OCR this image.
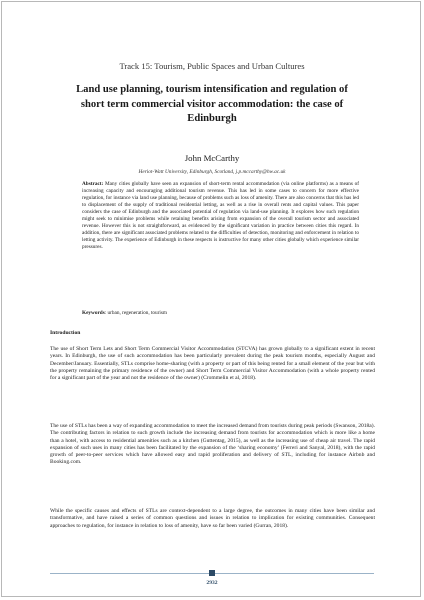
Track 15: Tourism, Public Spaces and Urban Cultures
Land use planning, tourism intensification and regulation of short term commercial visitor accommodation: the case of Edinburgh
John McCarthy
Heriot-Watt University, Edinburgh, Scotland, j.p.mccarthy@hw.ac.uk

Abstract: Many cities globally have seen an expansion of short-term rental accommodation (via online platforms) as a means of increasing capacity and encouraging additional tourism revenue. This has led in some cases to concern for more effective regulation, for instance via land use planning, because of problems such as loss of amenity. There are also concerns that this has led to displacement of the supply of traditional residential letting, as well as a rise in overall rents and capital values. This paper considers the case of Edinburgh and the associated potential of regulation via land-use planning. It explores how such regulation might seek to minimise problems while retaining benefits arising from expansion of the overall tourism sector and associated revenue. However this is not straightforward, as evidenced by the significant variation in practice between cities this regard. In addition, there are significant associated problems related to the difficulties of detection, monitoring and enforcement in relation to letting activity. The experience of Edinburgh in these respects is instructive for many other cities globally which experience similar pressures.

Keywords: urban, regeneration, tourism

Introduction

The use of Short Term Lets and Short Term Commercial Visitor Accommodation (STCVA) has grown globally to a significant extent in recent years. In Edinburgh, the use of such accommodation has been particularly prevalent during the peak tourism months, especially August and December/January. Essentially, STLs comprise home-sharing (with a property or part of this being rented for a small element of the year but with the property remaining the primary residence of the owner) and Short Term Commercial Visitor Accommodation (with a whole property rented for a significant part of the year and not the residence of the owner) (Crommelin et al, 2018).

The use of STLs has been a way of expanding accommodation to meet the increased demand from tourists during peak periods (Swanson, 2018a). The contributing factors in relation to such growth include the increasing demand from tourists for accommodation which is more like a home than a hotel, with access to residential amenities such as a kitchen (Guttentag, 2015), as well as the increasing use of cheap air travel. The rapid expansion of such uses in many cities has been facilitated by the expansion of the ‘sharing economy’ (Ferreri and Sanyal, 2018), with the rapid growth of peer-to-peer services which have allowed easy and rapid proliferation and delivery of STL, including for instance Airbnb and Booking.com.

While the specific causes and effects of STLs are context-dependent to a large degree, the outcomes in many cities have been similar and transformative, and have raised a series of common questions and issues in relation to implication for existing communities. Consequent approaches to regulation, for instance in relation to loss of amenity, have so far been varied (Gurran, 2018).

2932
